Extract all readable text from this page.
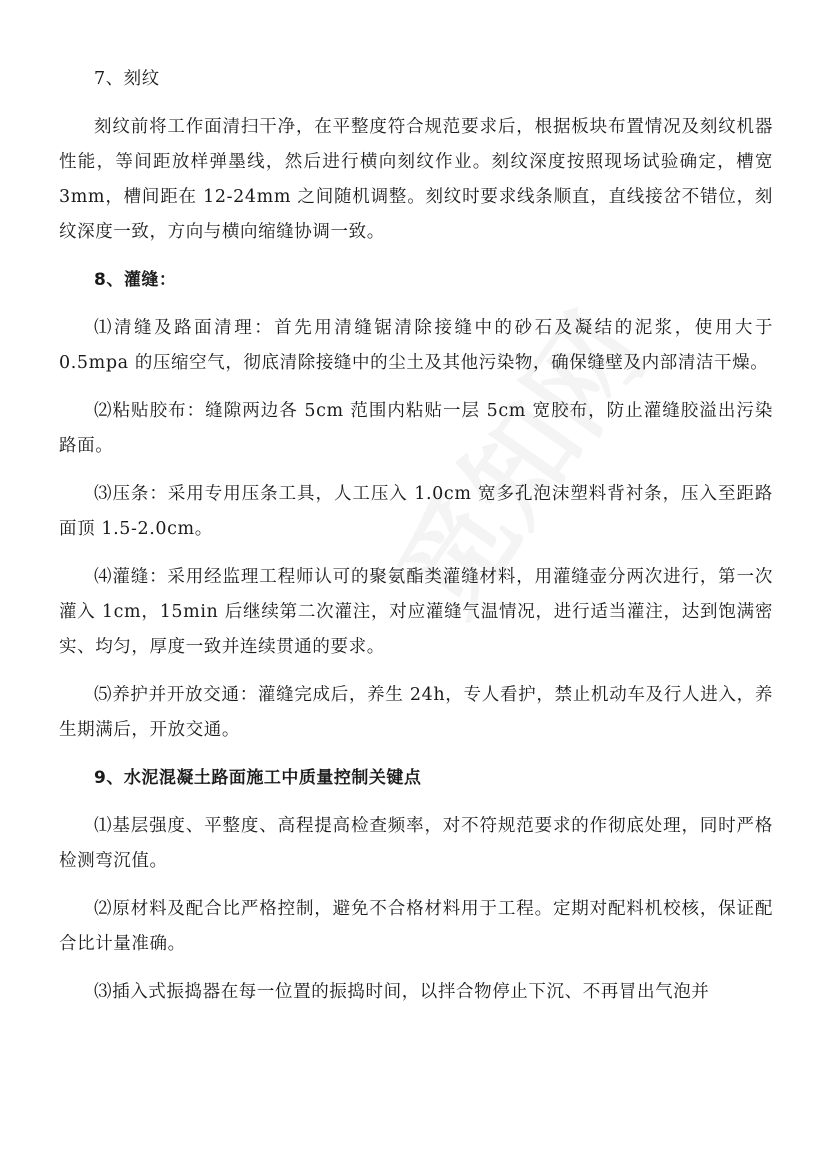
7、刻纹

刻纹前将工作面清扫干净，在平整度符合规范要求后，根据板块布置情况及刻纹机器性能，等间距放样弹墨线，然后进行横向刻纹作业。刻纹深度按照现场试验确定，槽宽 3mm，槽间距在 12-24mm 之间随机调整。刻纹时要求线条顺直，直线接岔不错位，刻纹深度一致，方向与横向缩缝协调一致。

8、灌缝：

⑴清缝及路面清理：首先用清缝锯清除接缝中的砂石及凝结的泥浆，使用大于 0.5mpa 的压缩空气，彻底清除接缝中的尘土及其他污染物，确保缝壁及内部清洁干燥。

⑵粘贴胶布：缝隙两边各 5cm 范围内粘贴一层 5cm 宽胶布，防止灌缝胶溢出污染路面。

⑶压条：采用专用压条工具，人工压入 1.0cm 宽多孔泡沫塑料背衬条，压入至距路面顶 1.5-2.0cm。

⑷灌缝：采用经监理工程师认可的聚氨酯类灌缝材料，用灌缝壶分两次进行，第一次灌入 1cm，15min 后继续第二次灌注，对应灌缝气温情况，进行适当灌注，达到饱满密实、均匀，厚度一致并连续贯通的要求。

⑸养护并开放交通：灌缝完成后，养生 24h，专人看护，禁止机动车及行人进入，养生期满后，开放交通。

9、水泥混凝土路面施工中质量控制关键点

⑴基层强度、平整度、高程提高检查频率，对不符规范要求的作彻底处理，同时严格检测弯沉值。

⑵原材料及配合比严格控制，避免不合格材料用于工程。定期对配料机校核，保证配合比计量准确。

⑶插入式振捣器在每一位置的振捣时间，以拌合物停止下沉、不再冒出气泡并
